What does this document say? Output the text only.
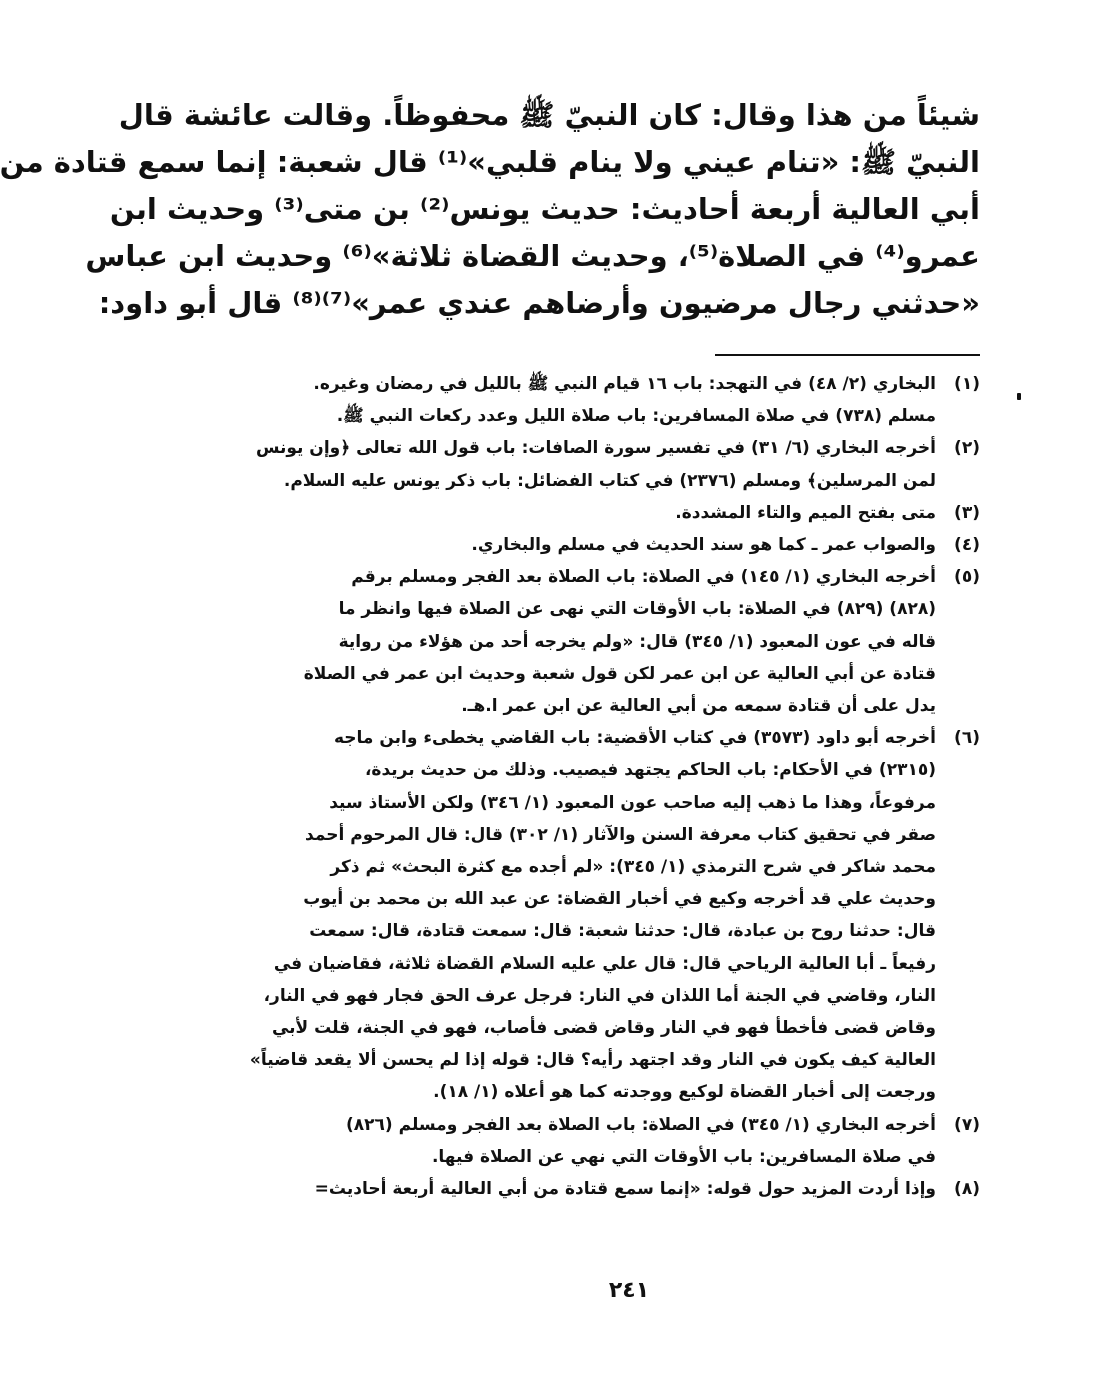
شيئاً من هذا وقال: كان النبيّ ﷺ محفوظاً. وقالت عائشة قال
النبيّ ﷺ: «تنام عيني ولا ينام قلبي»⁽¹⁾ قال شعبة: إنما سمع قتادة من
أبي العالية أربعة أحاديث: حديث يونس⁽²⁾ بن متى⁽³⁾ وحديث ابن
عمرو⁽⁴⁾ في الصلاة⁽⁵⁾، وحديث القضاة ثلاثة»⁽⁶⁾ وحديث ابن عباس
«حدثني رجال مرضيون وأرضاهم عندي عمر»⁽⁷⁾⁽⁸⁾ قال أبو داود:
(١)
البخاري (٢/ ٤٨) في التهجد: باب ١٦ قيام النبي ﷺ بالليل في رمضان وغيره.
مسلم (٧٣٨) في صلاة المسافرين: باب صلاة الليل وعدد ركعات النبي ﷺ.
(٢)
أخرجه البخاري (٦/ ٣١) في تفسير سورة الصافات: باب قول الله تعالى ﴿وإن يونس
لمن المرسلين﴾ ومسلم (٢٣٧٦) في كتاب الفضائل: باب ذكر يونس عليه السلام.
(٣)
متى بفتح الميم والتاء المشددة.
(٤)
والصواب عمر ـ كما هو سند الحديث في مسلم والبخاري.
(٥)
أخرجه البخاري (١/ ١٤٥) في الصلاة: باب الصلاة بعد الفجر ومسلم برقم
(٨٢٨) (٨٢٩) في الصلاة: باب الأوقات التي نهى عن الصلاة فيها وانظر ما
قاله في عون المعبود (١/ ٣٤٥) قال: «ولم يخرجه أحد من هؤلاء من رواية
قتادة عن أبي العالية عن ابن عمر لكن قول شعبة وحديث ابن عمر في الصلاة
يدل على أن قتادة سمعه من أبي العالية عن ابن عمر ا.هـ.
(٦)
أخرجه أبو داود (٣٥٧٣) في كتاب الأقضية: باب القاضي يخطىء وابن ماجه
(٢٣١٥) في الأحكام: باب الحاكم يجتهد فيصيب. وذلك من حديث بريدة،
مرفوعاً، وهذا ما ذهب إليه صاحب عون المعبود (١/ ٣٤٦) ولكن الأستاذ سيد
صقر في تحقيق كتاب معرفة السنن والآثار (١/ ٣٠٢) قال: قال المرحوم أحمد
محمد شاكر في شرح الترمذي (١/ ٣٤٥): «لم أجده مع كثرة البحث» ثم ذكر
وحديث علي قد أخرجه وكيع في أخبار القضاة: عن عبد الله بن محمد بن أيوب
قال: حدثنا روح بن عبادة، قال: حدثنا شعبة: قال: سمعت قتادة، قال: سمعت
رفيعاً ـ أبا العالية الرياحي قال: قال علي عليه السلام القضاة ثلاثة، فقاضيان في
النار، وقاضي في الجنة أما اللذان في النار: فرجل عرف الحق فجار فهو في النار،
وقاض قضى فأخطأ فهو في النار وقاض قضى فأصاب، فهو في الجنة، قلت لأبي
العالية كيف يكون في النار وقد اجتهد رأيه؟ قال: قوله إذا لم يحسن ألا يقعد قاضياً»
ورجعت إلى أخبار القضاة لوكيع ووجدته كما هو أعلاه (١/ ١٨).
(٧)
أخرجه البخاري (١/ ٣٤٥) في الصلاة: باب الصلاة بعد الفجر ومسلم (٨٢٦)
في صلاة المسافرين: باب الأوقات التي نهي عن الصلاة فيها.
(٨)
وإذا أردت المزيد حول قوله: «إنما سمع قتادة من أبي العالية أربعة أحاديث=
٢٤١
